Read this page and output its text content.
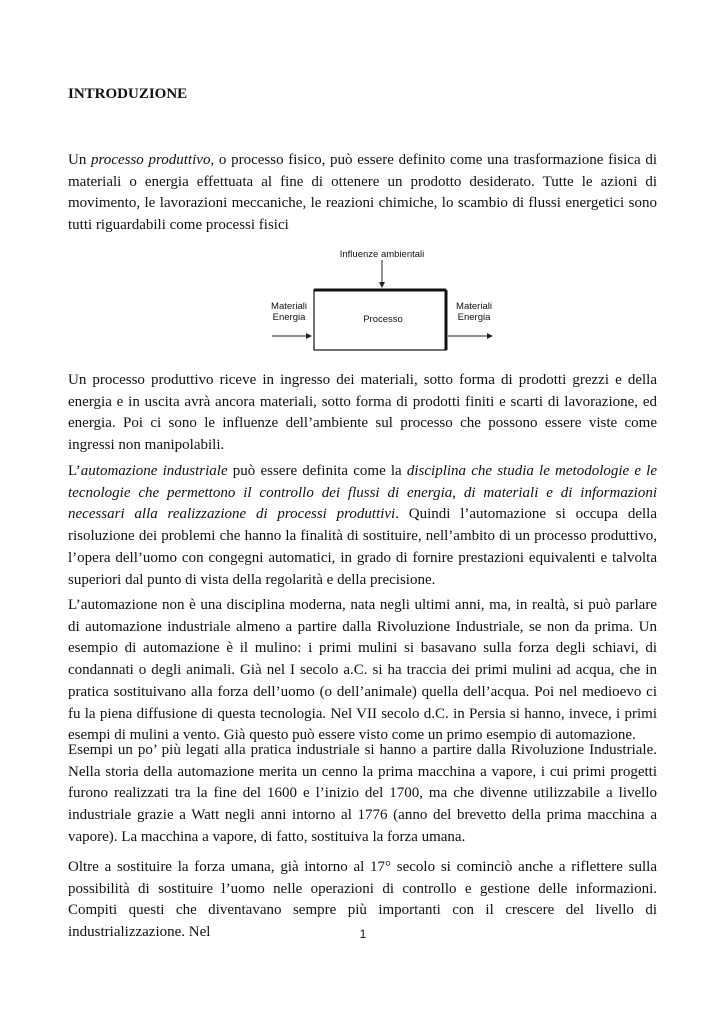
INTRODUZIONE

Un processo produttivo, o processo fisico, può essere definito come una trasformazione fisica di materiali o energia effettuata al fine di ottenere un prodotto desiderato. Tutte le azioni di movimento, le lavorazioni meccaniche, le reazioni chimiche, lo scambio di flussi energetici sono tutti riguardabili come processi fisici

Influenze ambientali
Materiali
Energia	Processo
Materiali
Energia

Un processo produttivo riceve in ingresso dei materiali, sotto forma di prodotti grezzi e della energia e in uscita avrà ancora materiali, sotto forma di prodotti finiti e scarti di lavorazione, ed energia. Poi ci sono le influenze dell’ambiente sul processo che possono essere viste come ingressi non manipolabili.

L’automazione industriale può essere definita come la disciplina che studia le metodologie e le tecnologie che permettono il controllo dei flussi di energia, di materiali e di informazioni necessari alla realizzazione di processi produttivi. Quindi l’automazione si occupa della risoluzione dei problemi che hanno la finalità di sostituire, nell’ambito di un processo produttivo, l’opera dell’uomo con congegni automatici, in grado di fornire prestazioni equivalenti e talvolta superiori dal punto di vista della regolarità e della precisione.

L’automazione non è una disciplina moderna, nata negli ultimi anni, ma, in realtà, si può parlare di automazione industriale almeno a partire dalla Rivoluzione Industriale, se non da prima. Un esempio di automazione è il mulino: i primi mulini si basavano sulla forza degli schiavi, di condannati o degli animali. Già nel I secolo a.C. si ha traccia dei primi mulini ad acqua, che in pratica sostituivano alla forza dell’uomo (o dell’animale) quella dell’acqua. Poi nel medioevo ci fu la piena diffusione di questa tecnologia. Nel VII secolo d.C. in Persia si hanno, invece, i primi esempi di mulini a vento. Già questo può essere visto come un primo esempio di automazione.

Esempi un po’ più legati alla pratica industriale si hanno a partire dalla Rivoluzione Industriale. Nella storia della automazione merita un cenno la prima macchina a vapore, i cui primi progetti furono realizzati tra la fine del 1600 e l’inizio del 1700, ma che divenne utilizzabile a livello industriale grazie a Watt negli anni intorno al 1776 (anno del brevetto della prima macchina a vapore). La macchina a vapore, di fatto, sostituiva la forza umana.

Oltre a sostituire la forza umana, già intorno al 17° secolo si cominciò anche a riflettere sulla possibilità di sostituire l’uomo nelle operazioni di controllo e gestione delle informazioni. Compiti questi che diventavano sempre più importanti con il crescere del livello di industrializzazione. Nel	1
